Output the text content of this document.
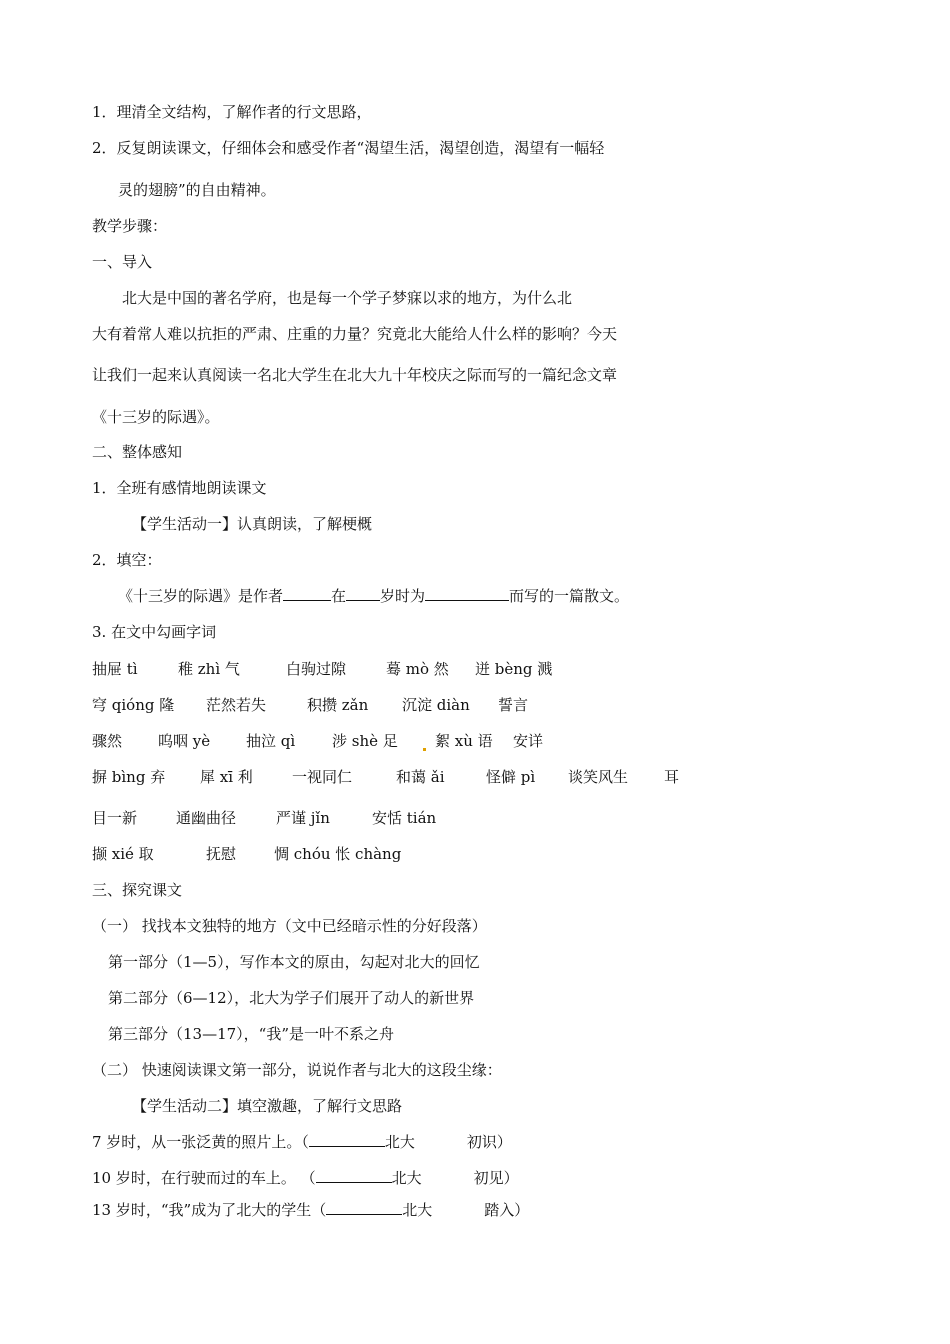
1．理清全文结构，了解作者的行文思路，
2．反复朗读课文，仔细体会和感受作者“渴望生活，渴望创造，渴望有一幅轻
灵的翅膀”的自由精神。
教学步骤：
一、导入
北大是中国的著名学府，也是每一个学子梦寐以求的地方，为什么北
大有着常人难以抗拒的严肃、庄重的力量？究竟北大能给人什么样的影响？今天
让我们一起来认真阅读一名北大学生在北大九十年校庆之际而写的一篇纪念文章
《十三岁的际遇》。
二、整体感知
1．全班有感情地朗读课文
【学生活动一】认真朗读，了解梗概
2．填空：
《十三岁的际遇》是作者	在 岁时为	而写的一篇散文。
3. 在文中勾画字词
抽屉 tì	稚 zhì 气	白驹过隙	蓦 mò 然 迸 bèng 溅
穹 qióng 隆 茫然若失	积攒 zǎn 沉淀 diàn 誓言
骤然 呜咽 yè 抽泣 qì 涉 shè 足 絮 xù 语 安详
摒 bìng 弃 犀 xī 利	一视同仁	和蔼 ǎi	怪僻 pì 谈笑风生 耳
目一新	通幽曲径	严谨 jǐn	安恬 tián
撷 xié 取	抚慰	惆 chóu 怅 chàng
三、探究课文
（一） 找找本文独特的地方（文中已经暗示性的分好段落）
第一部分（1—5），写作本文的原由，勾起对北大的回忆
第二部分（6—12），北大为学子们展开了动人的新世界
第三部分（13—17），“我”是一叶不系之舟
（二） 快速阅读课文第一部分，说说作者与北大的这段尘缘：
【学生活动二】填空激趣，了解行文思路
7 岁时，从一张泛黄的照片上。（	北大	初识）
10 岁时，在行驶而过的车上。 （	北大	初见）
13 岁时，“我”成为了北大的学生（	北大	踏入）
